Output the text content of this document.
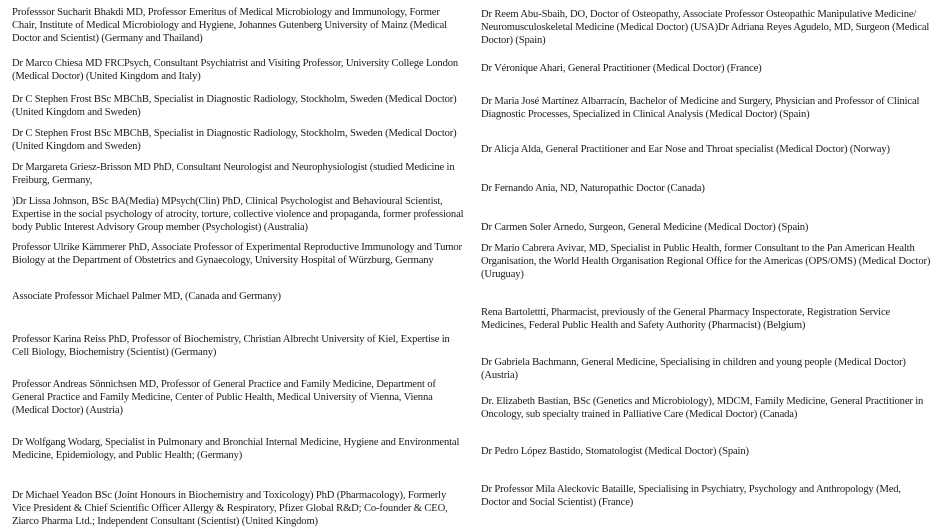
Professsor Sucharit Bhakdi MD, Professor Emeritus of Medical Microbiology and Immunology, Former Chair, Institute of Medical Microbiology and Hygiene, Johannes Gutenberg University of Mainz (Medical Doctor and Scientist) (Germany and Thailand)
Dr Marco Chiesa MD FRCPsych, Consultant Psychiatrist and Visiting Professor, University College London (Medical Doctor) (United Kingdom and Italy)
Dr C Stephen Frost BSc MBChB, Specialist in Diagnostic Radiology, Stockholm, Sweden (Medical Doctor) (United Kingdom and Sweden)
Dr C Stephen Frost BSc MBChB, Specialist in Diagnostic Radiology, Stockholm, Sweden (Medical Doctor) (United Kingdom and Sweden)
Dr Margareta Griesz-Brisson MD PhD, Consultant Neurologist and Neurophysiologist (studied Medicine in Freiburg, Germany,
)Dr Lissa Johnson, BSc BA(Media) MPsych(Clin) PhD, Clinical Psychologist and Behavioural Scientist, Expertise in the social psychology of atrocity, torture, collective violence and propaganda, former professional body Public Interest Advisory Group member (Psychologist) (Australia)
Professor Ulrike Kämmerer PhD, Associate Professor of Experimental Reproductive Immunology and Tumor Biology at the Department of Obstetrics and Gynaecology, University Hospital of Würzburg, Germany
Associate Professor Michael Palmer MD, (Canada and Germany)
Professor Karina Reiss PhD, Professor of Biochemistry, Christian Albrecht University of Kiel, Expertise in Cell Biology, Biochemistry (Scientist) (Germany)
Professor Andreas Sönnichsen MD, Professor of General Practice and Family Medicine, Department of General Practice and Family Medicine, Center of Public Health, Medical University of Vienna, Vienna (Medical Doctor) (Austria)
Dr Wolfgang Wodarg, Specialist in Pulmonary and Bronchial Internal Medicine, Hygiene and Environmental Medicine, Epidemiology, and Public Health; (Germany)
Dr Michael Yeadon BSc (Joint Honours in Biochemistry and Toxicology) PhD (Pharmacology), Formerly Vice President & Chief Scientific Officer Allergy & Respiratory, Pfizer Global R&D; Co-founder & CEO, Ziarco Pharma Ltd.; Independent Consultant (Scientist) (United Kingdom)
Dr Reem Abu-Sbaih, DO, Doctor of Osteopathy, Associate Professor Osteopathic Manipulative Medicine/ Neuromusculoskeletal Medicine (Medical Doctor) (USA)Dr Adriana Reyes Agudelo, MD, Surgeon (Medical Doctor) (Spain)
Dr Véronique Ahari, General Practitioner (Medical Doctor) (France)
Dr Maria José Martínez Albarracín, Bachelor of Medicine and Surgery, Physician and Professor of Clinical Diagnostic Processes, Specialized in Clinical Analysis (Medical Doctor) (Spain)
Dr Alicja Alda, General Practitioner and Ear Nose and Throat specialist (Medical Doctor) (Norway)
Dr Fernando Ania, ND, Naturopathic Doctor (Canada)
Dr Carmen Soler Arnedo, Surgeon, General Medicine (Medical Doctor) (Spain)
Dr Mario Cabrera Avivar, MD, Specialist in Public Health, former Consultant to the Pan American Health Organisation, the World Health Organisation Regional Office for the Americas (OPS/OMS) (Medical Doctor) (Uruguay)
Rena Bartolettti, Pharmacist, previously of the General Pharmacy Inspectorate, Registration Service Medicines, Federal Public Health and Safety Authority (Pharmacist) (Belgium)
Dr Gabriela Bachmann, General Medicine, Specialising in children and young people (Medical Doctor) (Austria)
Dr. Elizabeth Bastian, BSc (Genetics and Microbiology), MDCM, Family Medicine, General Practitioner in Oncology, sub specialty trained in Palliative Care (Medical Doctor) (Canada)
Dr Pedro López Bastido, Stomatologist (Medical Doctor) (Spain)
Dr Professor Mila Aleckovic Bataille, Specialising in Psychiatry, Psychology and Anthropology (Med, Doctor and Social Scientist) (France)
